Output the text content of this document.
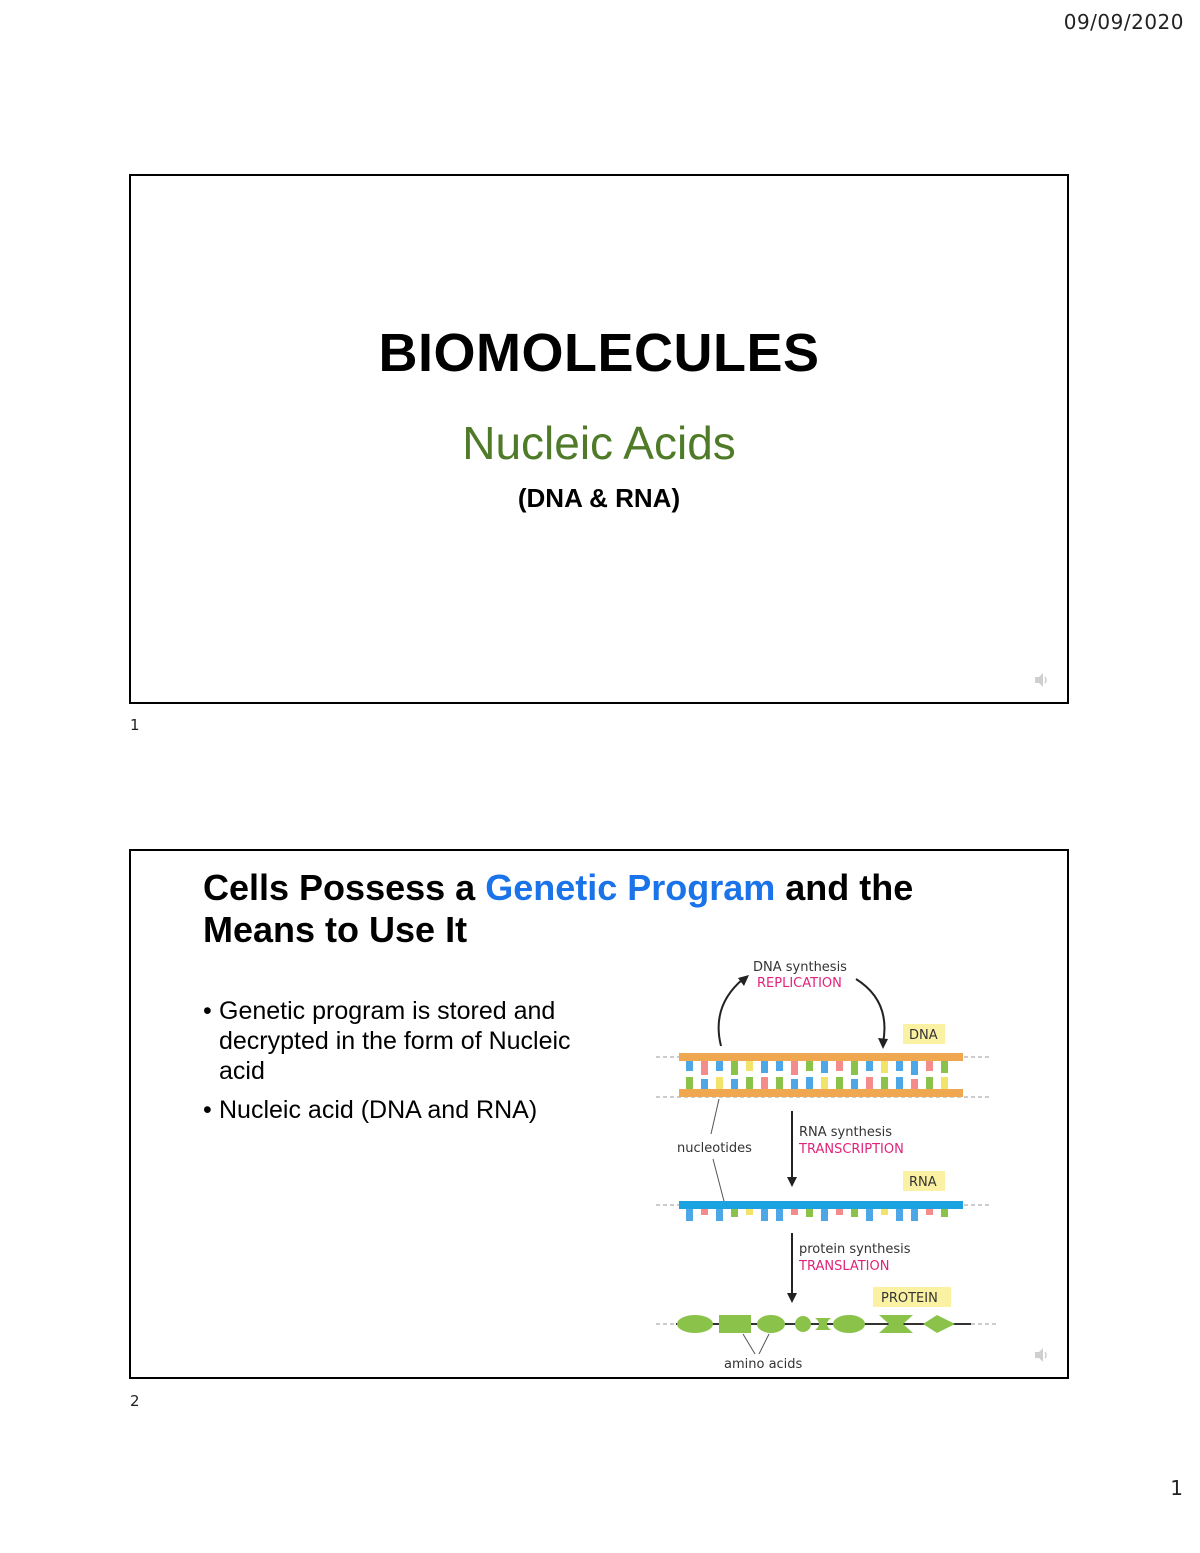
09/09/2020
BIOMOLECULES
Nucleic Acids
(DNA & RNA)
1
Cells Possess a Genetic Program and the Means to Use It
• Genetic program is stored and decrypted in the form of Nucleic acid
• Nucleic acid (DNA and RNA)
DNA synthesis
REPLICATION
DNA
nucleotides
RNA synthesis
TRANSCRIPTION
RNA
protein synthesis
TRANSLATION
PROTEIN
amino acids
2
1
